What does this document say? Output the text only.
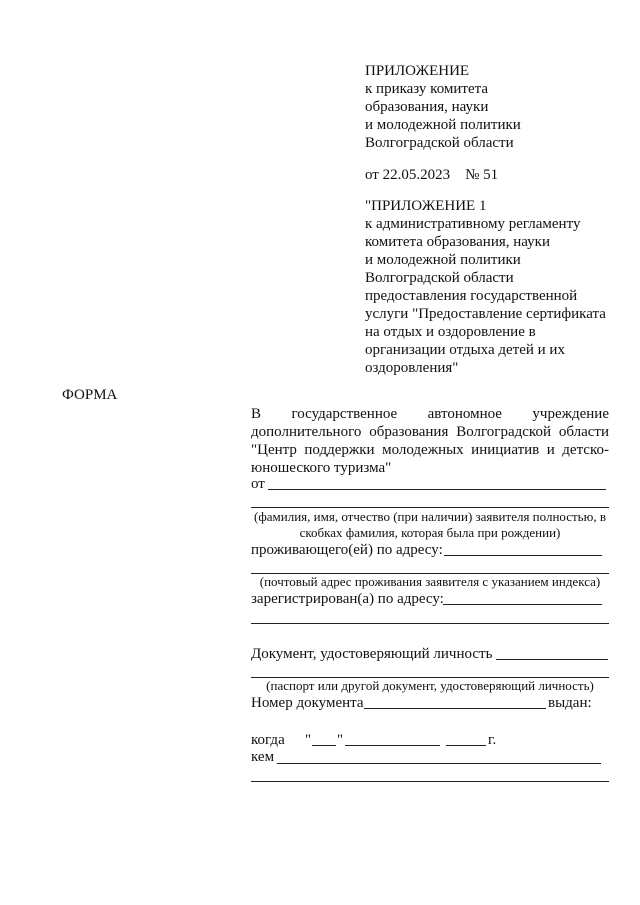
ПРИЛОЖЕНИЕ
к приказу комитета
образования, науки
и молодежной политики
Волгоградской области
от 22.05.2023    № 51
"ПРИЛОЖЕНИЕ 1
к административному регламенту
комитета образования, науки
и молодежной политики
Волгоградской области
предоставления государственной
услуги "Предоставление сертификата
на отдых и оздоровление в
организации отдыха детей и их
оздоровления"
ФОРМА
В государственное автономное учреждение
дополнительного образования Волгоградской области
"Центр поддержки молодежных инициатив и детско-
юношеского туризма"
от
(фамилия, имя, отчество (при наличии) заявителя полностью, в
скобках фамилия, которая была при рождении)
проживающего(ей) по адресу:
(почтовый адрес проживания заявителя с указанием индекса)
зарегистрирован(а) по адресу:
Документ, удостоверяющий личность
(паспорт или другой документ, удостоверяющий личность)
Номер документа	выдан:
когда " "	г.
кем
